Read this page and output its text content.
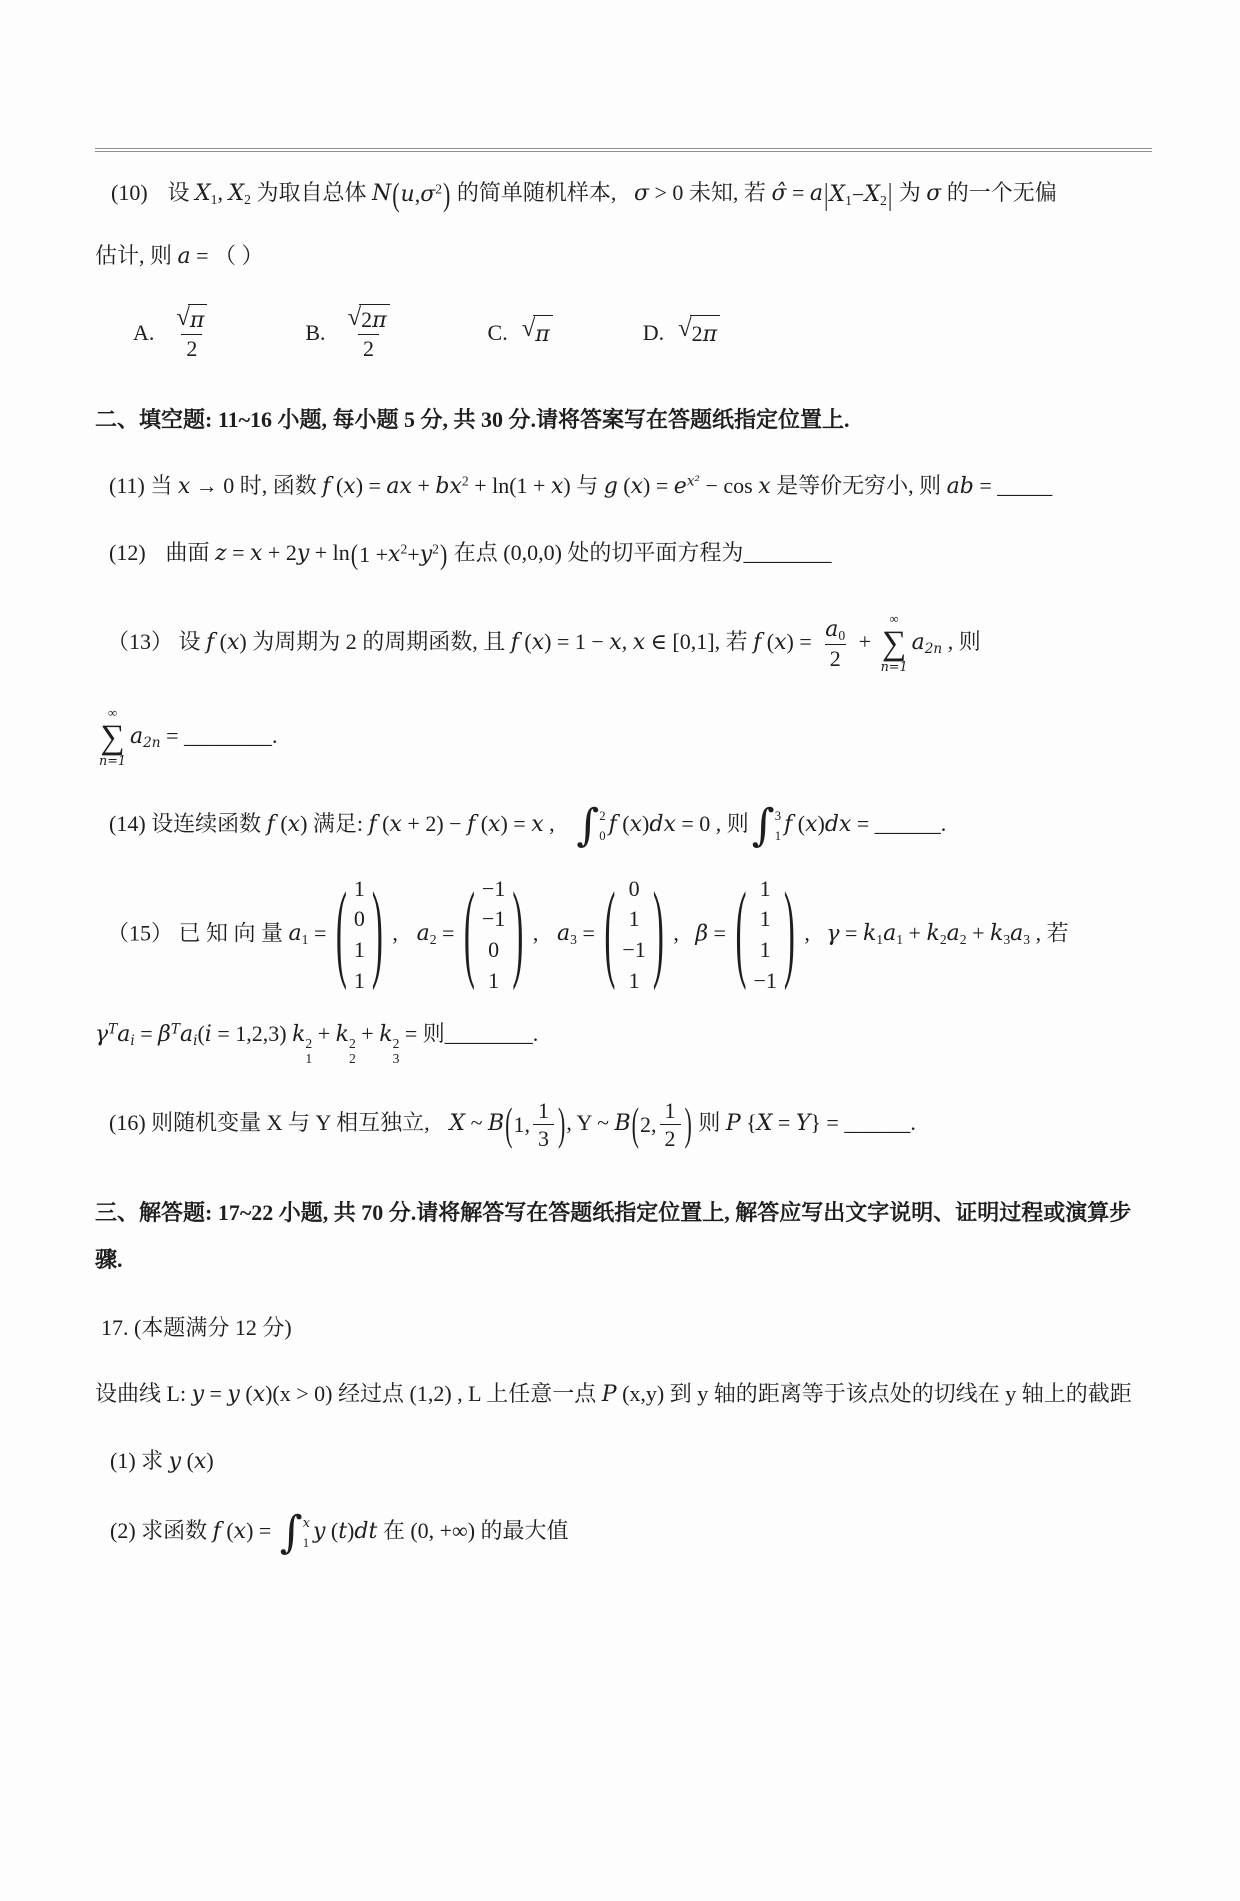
(10) 设 $X_1$, $X_2$ 为取自总体 N ( u , $\sigma^2$ ) 的简单随机样本, σ > 0 未知, 若 σ̂ = a | $X_1 - X_2$ | 为 σ 的一个无偏
估计, 则 a = （ ）
A. $\frac{√ \pi}{2}$	B. $\frac{√ 2\pi}{2}$	C. √ π	D. √ 2π
二、填空题: 11~16 小题, 每小题 5 分, 共 30 分.请将答案写在答题纸指定位置上.
(11) 当 x → 0 时, 函数 f (x) = ax + $bx^2 + \ln(1 + x)$ 与 g $(x) = e^{x^2} - \cos x$ 是等价无穷小, 则 ab = _____
(12) 曲面 z = x + 2y + ln ( $1 + x^2 + y^2$ ) 在点 (0,0,0) 处的切平面方程为________
（13） 设 f (x) 为周期为 2 的周期函数, 且 f (x) = 1 − x, x ∈ [0,1], 若 f $(x) = \frac{a_0}{2}$ +
∞
∑
n=1
$a_{2n}$ , 则
∞
∑
n=1
$a_{2n}$ = ________.
(14) 设连续函数 f (x) 满足: f (x + 2) − f (x) = x , ∫ 2
0 f (x)dx = 0 , 则 ∫ 3
1 f (x)dx = ______.
（15） 已 知 向 量 $a_1$ = ( 1
0
1
1 ) , $a_2$ = ( −1
−1
0
1 ) , $a_3$ = ( 0
1
−1
1 ) , β = ( 1
1
1
−1 ) , $\gamma = k_1a_1 + k_2a_2 + k_3a_3$ , 若
$\gamma^Ta_i = \beta^Ta_i(i = 1,2,3)$ k 2
1
+ k 2
2
+ k 2
3
= 则________.
(16) 则随机变量 X 与 Y 相互独立, X ~ B ( 1, $\frac{1}{3}$ ) , Y ~ B ( 2, $\frac{1}{2}$ ) 则 P {X = Y} = ______.
三、解答题: 17~22 小题, 共 70 分.请将解答写在答题纸指定位置上, 解答应写出文字说明、证明过程或演算步骤.
17. (本题满分 12 分)
设曲线 L: y = y (x)(x > 0) 经过点 (1,2) , L 上任意一点 P (x,y) 到 y 轴的距离等于该点处的切线在 y 轴上的截距
(1) 求 y (x)
(2) 求函数 f (x) = ∫ x
1 y (t)dt 在 (0, +∞) 的最大值
